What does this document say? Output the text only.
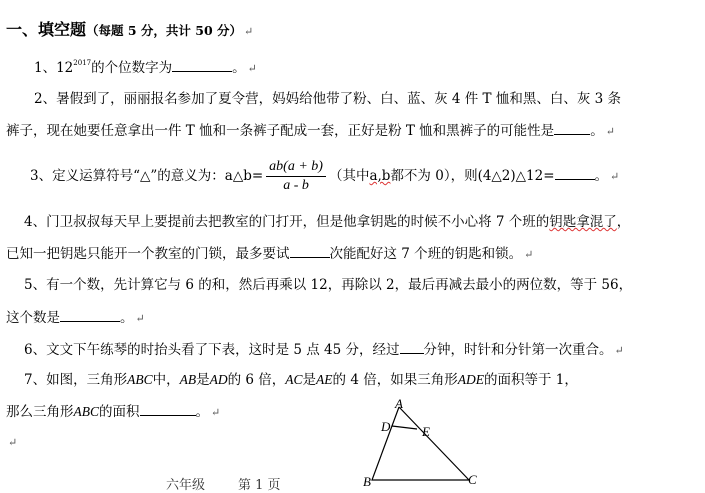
一、填空题（每题 5 分，共计 50 分） ↵
1、$12^{2017}$的个位数字为	。 ↵
2、暑假到了，丽丽报名参加了夏令营，妈妈给他带了粉、白、蓝、灰 4 件 T 恤和黑、白、灰 3 条
裤子，现在她要任意拿出一件 T 恤和一条裤子配成一套，正好是粉 T 恤和黑裤子的可能性是	。 ↵
3、定义运算符号“△”的意义为：a△b= $\frac{ab(a + b)}{a - b}$ （其中a,b都不为 0），则(4△2)△12=	。 ↵
4、门卫叔叔每天早上要提前去把教室的门打开，但是他拿钥匙的时候不小心将 7 个班的钥匙拿混了，
已知一把钥匙只能开一个教室的门锁，最多要试	次能配好这 7 个班的钥匙和锁。 ↵
5、有一个数，先计算它与 6 的和，然后再乘以 12，再除以 2，最后再减去最小的两位数，等于 56，
这个数是	。 ↵
6、文文下午练琴的时抬头看了下表，这时是 5 点 45 分，经过 分钟，时针和分针第一次重合。 ↵
7、如图，三角形ABC中，AB是AD的 6 倍，AC是AE的 4 倍，如果三角形ADE的面积等于 1，
那么三角形ABC的面积	。 ↵
↵
A
D E
B	C
六年级	第 1 页
